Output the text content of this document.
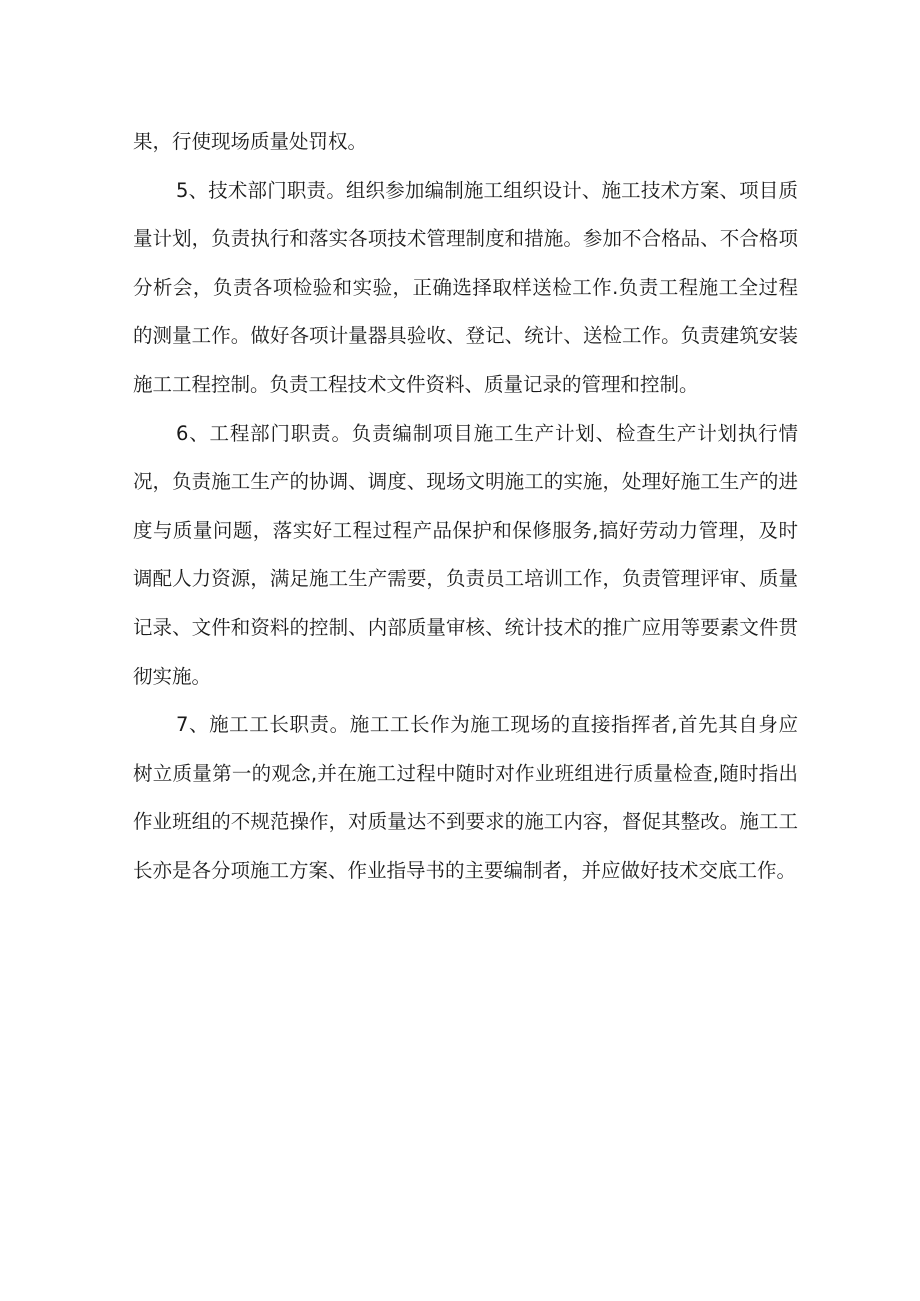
果，行使现场质量处罚权。

5、技术部门职责。组织参加编制施工组织设计、施工技术方案、项目质量计划，负责执行和落实各项技术管理制度和措施。参加不合格品、不合格项分析会，负责各项检验和实验，正确选择取样送检工作.负责工程施工全过程的测量工作。做好各项计量器具验收、登记、统计、送检工作。负责建筑安装施工工程控制。负责工程技术文件资料、质量记录的管理和控制。

6、工程部门职责。负责编制项目施工生产计划、检查生产计划执行情况，负责施工生产的协调、调度、现场文明施工的实施，处理好施工生产的进度与质量问题，落实好工程过程产品保护和保修服务,搞好劳动力管理，及时调配人力资源，满足施工生产需要，负责员工培训工作，负责管理评审、质量记录、文件和资料的控制、内部质量审核、统计技术的推广应用等要素文件贯彻实施。

7、施工工长职责。施工工长作为施工现场的直接指挥者,首先其自身应树立质量第一的观念,并在施工过程中随时对作业班组进行质量检查,随时指出作业班组的不规范操作，对质量达不到要求的施工内容，督促其整改。施工工长亦是各分项施工方案、作业指导书的主要编制者，并应做好技术交底工作。
